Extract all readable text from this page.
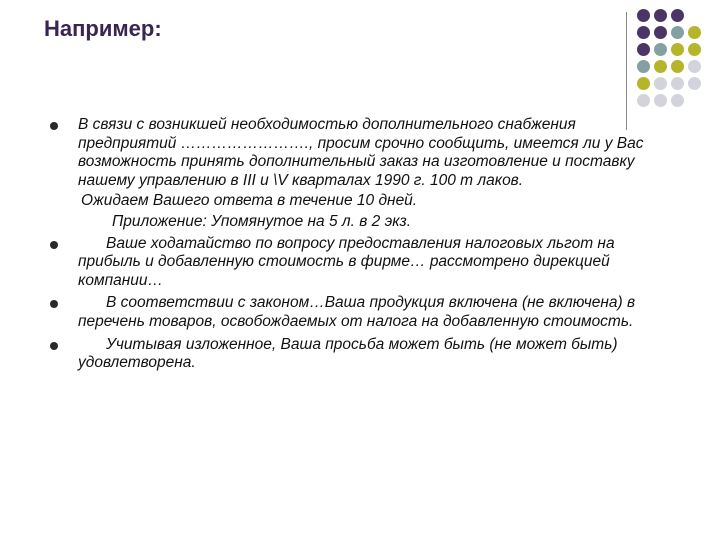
Например:

В связи с возникшей необходимостью дополнительного снабжения предприятий ……………………., просим срочно сообщить, имеется ли у Вас возможность принять дополнительный заказ на изготовление и поставку нашему управлению в III и \V кварталах 1990 г. 100 т лаков.

Ожидаем Вашего ответа в течение 10 дней.

Приложение: Упомянутое на 5 л. в 2 экз.

Ваше ходатайство по вопросу предоставления налоговых льгот на прибыль и добавленную стоимость в фирме… рассмотрено дирекцией компании…

В соответствии с законом…Ваша продукция включена (не включена) в перечень товаров, освобождаемых от налога на добавленную стоимость.

Учитывая изложенное, Ваша просьба может быть (не может быть) удовлетворена.
